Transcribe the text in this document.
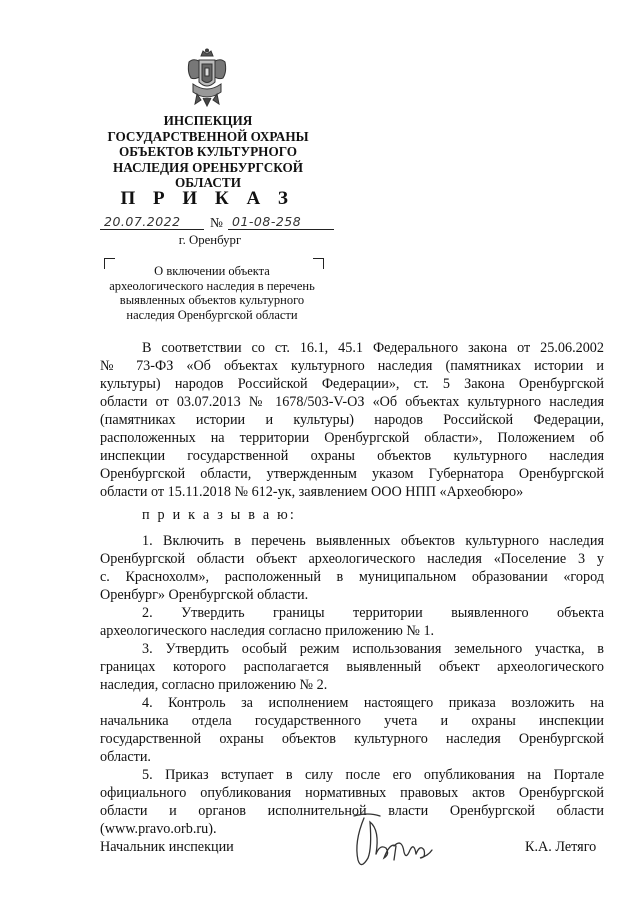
ИНСПЕКЦИЯ
ГОСУДАРСТВЕННОЙ ОХРАНЫ
ОБЪЕКТОВ КУЛЬТУРНОГО
НАСЛЕДИЯ ОРЕНБУРГСКОЙ
ОБЛАСТИ
П Р И К А З
20.07.2022	№ 01-08-258
г. Оренбург
О включении объекта
археологического наследия в перечень
выявленных объектов культурного
наследия Оренбургской области
В соответствии со ст. 16.1, 45.1 Федерального закона от 25.06.2002
№ 73-ФЗ «Об объектах культурного наследия (памятниках истории и
культуры) народов Российской Федерации», ст. 5 Закона Оренбургской
области от 03.07.2013 № 1678/503-V-ОЗ «Об объектах культурного наследия
(памятниках истории и культуры) народов Российской Федерации,
расположенных на территории Оренбургской области», Положением об
инспекции государственной охраны объектов культурного наследия
Оренбургской области, утвержденным указом Губернатора Оренбургской
области от 15.11.2018 № 612-ук, заявлением ООО НПП «Археобюро»
п р и к а з ы в а ю:
1. Включить в перечень выявленных объектов культурного наследия
Оренбургской области объект археологического наследия «Поселение 3 у
с. Краснохолм», расположенный в муниципальном образовании «город
Оренбург» Оренбургской области.
2. Утвердить границы территории выявленного объекта
археологического наследия согласно приложению № 1.
3. Утвердить особый режим использования земельного участка, в
границах которого располагается выявленный объект археологического
наследия, согласно приложению № 2.
4. Контроль за исполнением настоящего приказа возложить на
начальника отдела государственного учета и охраны инспекции
государственной охраны объектов культурного наследия Оренбургской
области.
5. Приказ вступает в силу после его опубликования на Портале
официального опубликования нормативных правовых актов Оренбургской
области и органов исполнительной власти Оренбургской области
(www.pravo.orb.ru).
Начальник инспекции	К.А. Летяго
